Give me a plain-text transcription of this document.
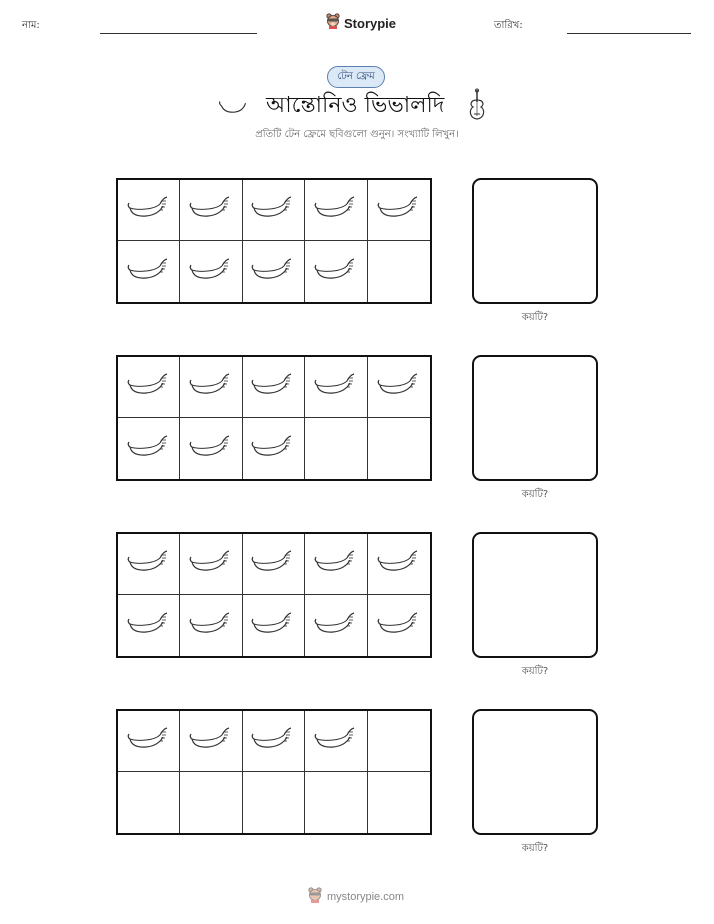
নাম:	Storypie	তারিখ:
টেন ফ্রেম
আন্তোনিও ভিভালদি
প্রতিটি টেন ফ্রেমে ছবিগুলো গুনুন। সংখ্যাটি লিখুন।
কয়টি?
কয়টি?
কয়টি?
কয়টি?
mystorypie.com
